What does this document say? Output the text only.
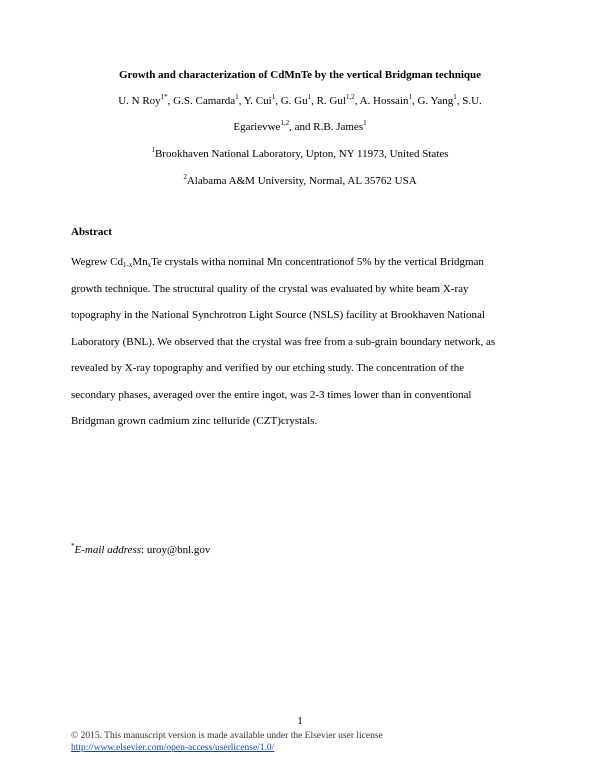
Growth and characterization of CdMnTe by the vertical Bridgman technique
U. N Roy$^{1*}$, G.S. Camarda$^1$, Y. Cui$^1$, G. Gu$^1$, R. Gul$^{1,2}$, A. Hossain$^1$, G. Yang$^1$, S.U.
Egarievwe$^{1,2}$, and R.B. James$^1$
$^1$Brookhaven National Laboratory, Upton, NY 11973, United States
$^2$Alabama A&M University, Normal, AL 35762 USA
Abstract
Wegrew $Cd_{1-x}Mn_xTe$ crystals witha nominal Mn concentrationof 5% by the vertical Bridgman
growth technique. The structural quality of the crystal was evaluated by white beam X-ray
topography in the National Synchrotron Light Source (NSLS) facility at Brookhaven National
Laboratory (BNL). We observed that the crystal was free from a sub-grain boundary network, as
revealed by X-ray topography and verified by our etching study. The concentration of the
secondary phases, averaged over the entire ingot, was 2-3 times lower than in conventional
Bridgman grown cadmium zinc telluride (CZT)crystals.
*E-mail address: uroy@bnl.gov
1
© 2015. This manuscript version is made available under the Elsevier user license
http://www.elsevier.com/open-access/userlicense/1.0/
